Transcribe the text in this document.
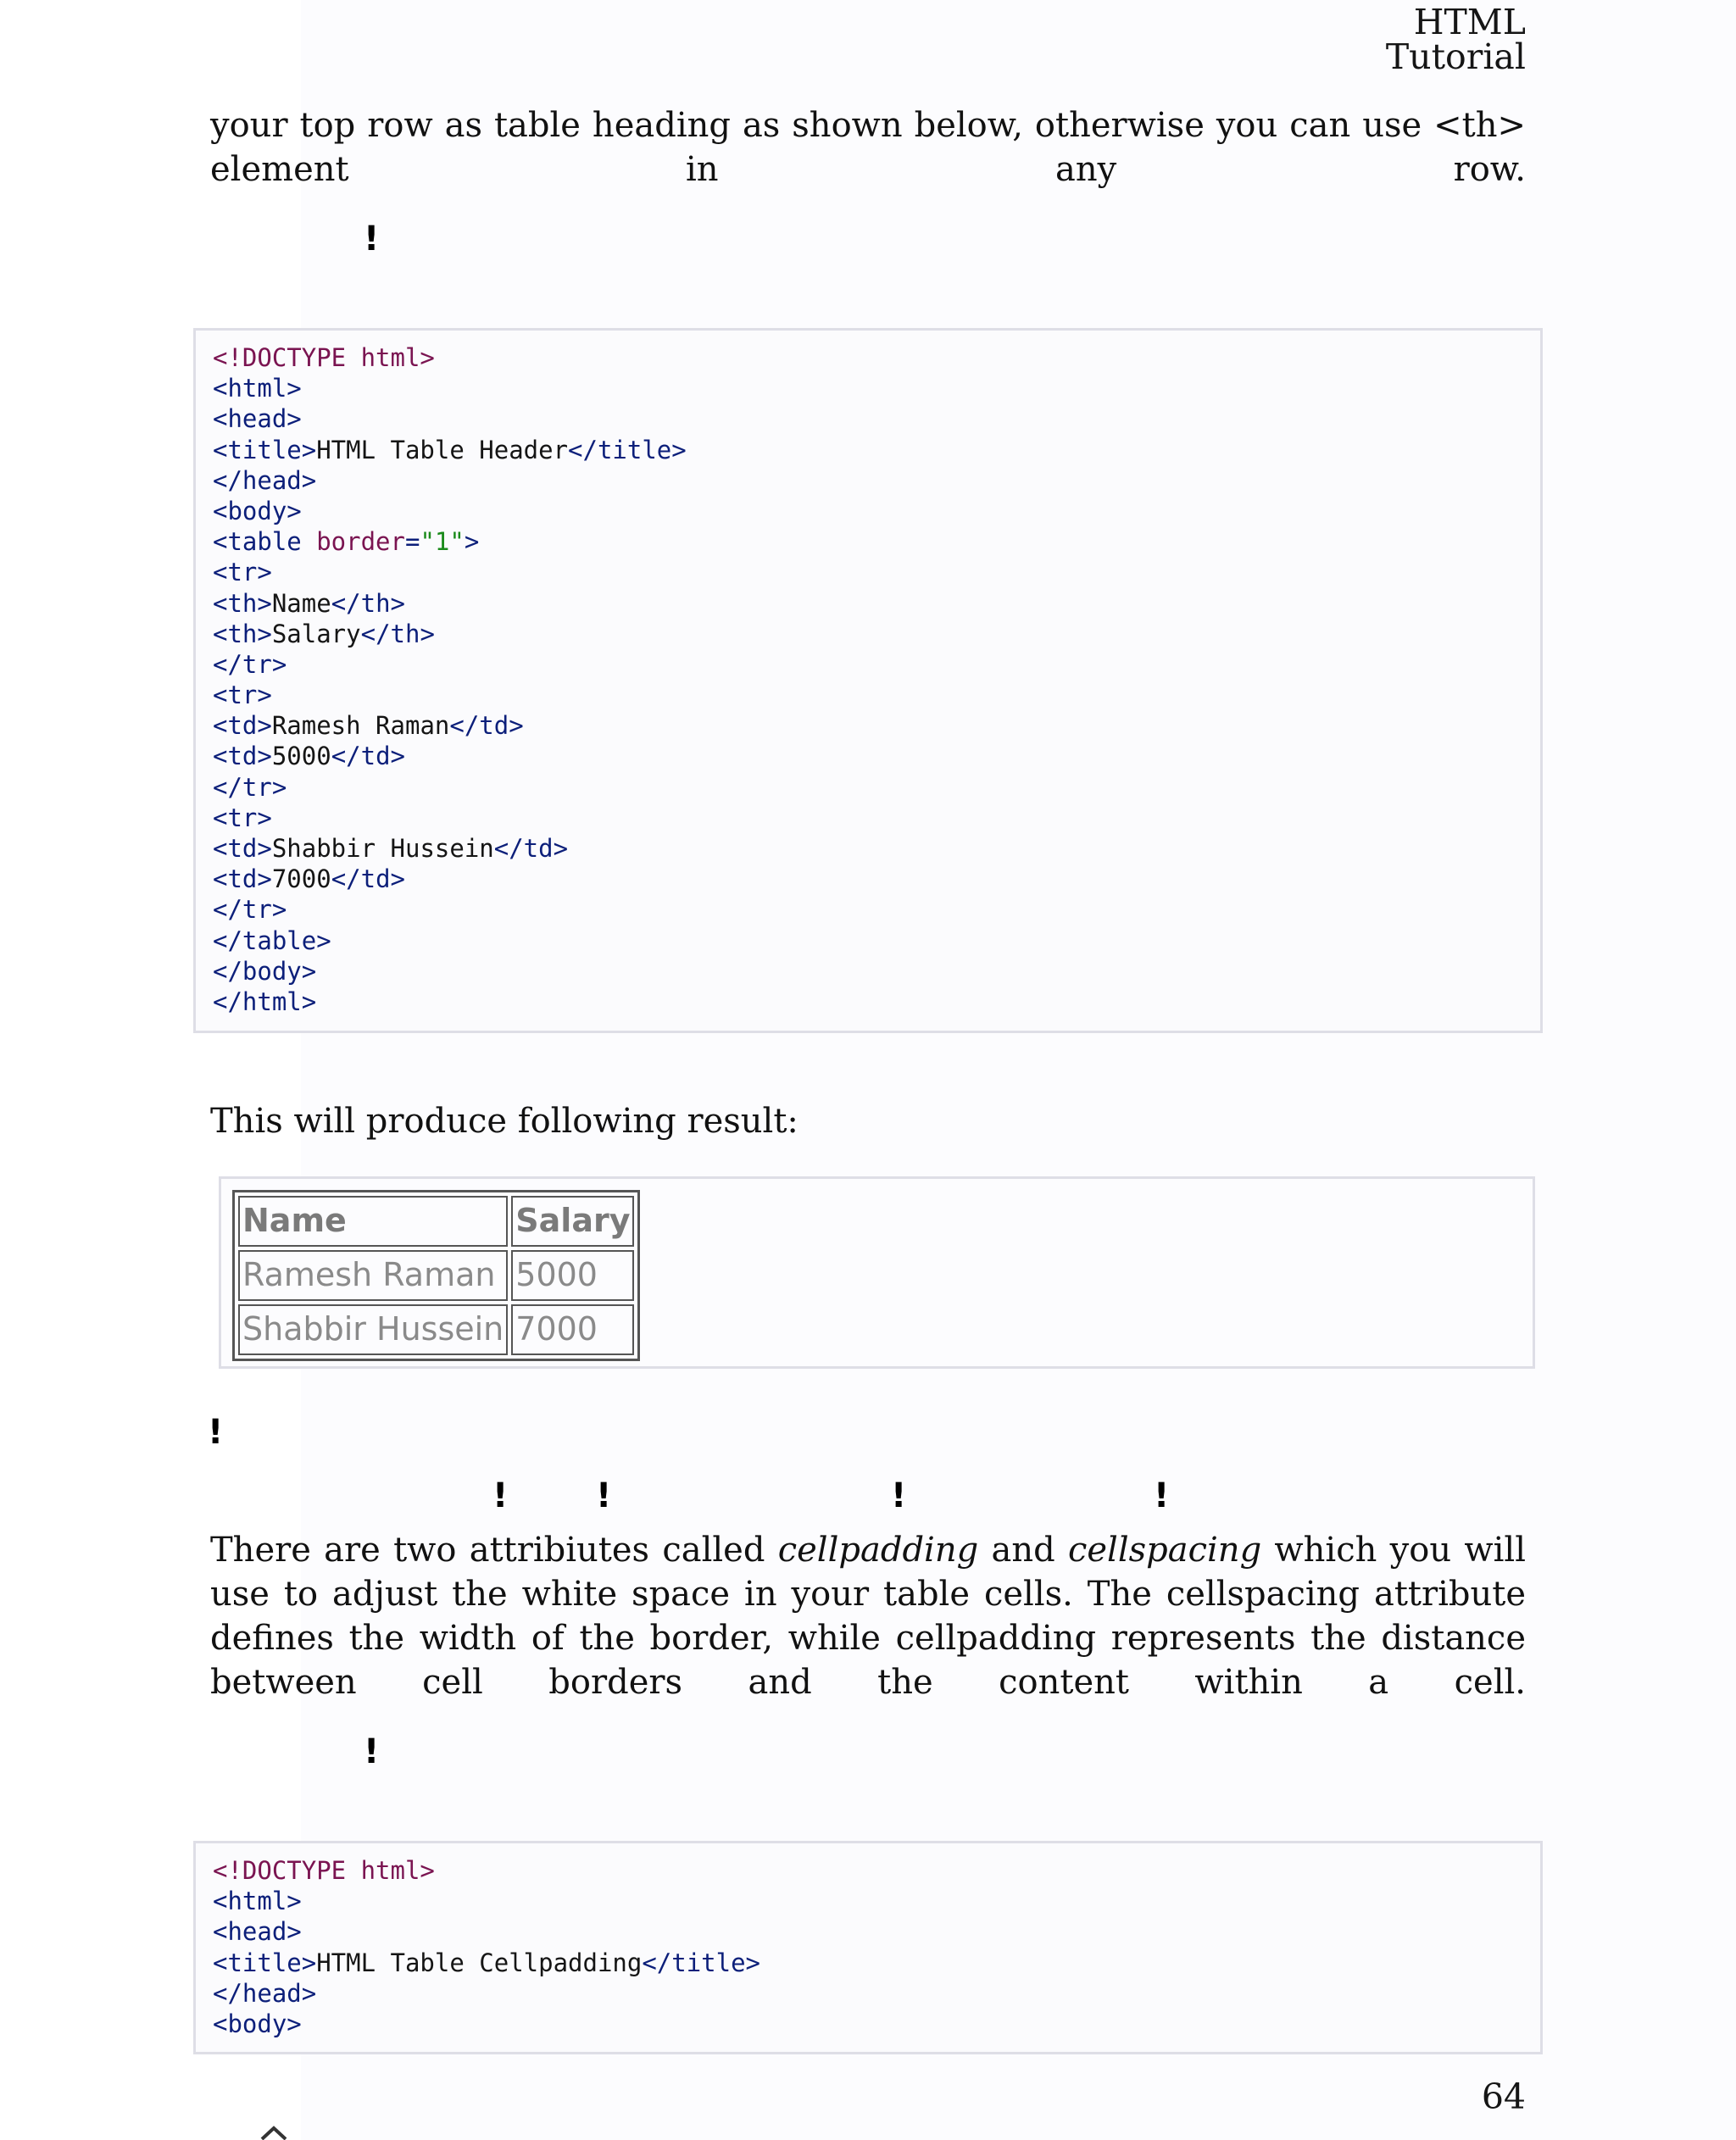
HTML Tutorial
your top row as table heading as shown below, otherwise you can use <th> element in any row.
!
<!DOCTYPE html>
<html>
<head>
<title>HTML Table Header</title>
</head>
<body>
<table border="1">
<tr>
<th>Name</th>
<th>Salary</th>
</tr>
<tr>
<td>Ramesh Raman</td>
<td>5000</td>
</tr>
<tr>
<td>Shabbir Hussein</td>
<td>7000</td>
</tr>
</table>
</body>
</html>
This will produce following result:
Name	Salary
Ramesh Raman	5000
Shabbir Hussein	7000
!
!	!	!	!
There are two attribiutes called cellpadding and cellspacing which you will use to adjust the white space in your table cells. The cellspacing attribute defines the width of the border, while cellpadding represents the distance between cell borders and the content within a cell.
!
<!DOCTYPE html>
<html>
<head>
<title>HTML Table Cellpadding</title>
</head>
<body>
64
